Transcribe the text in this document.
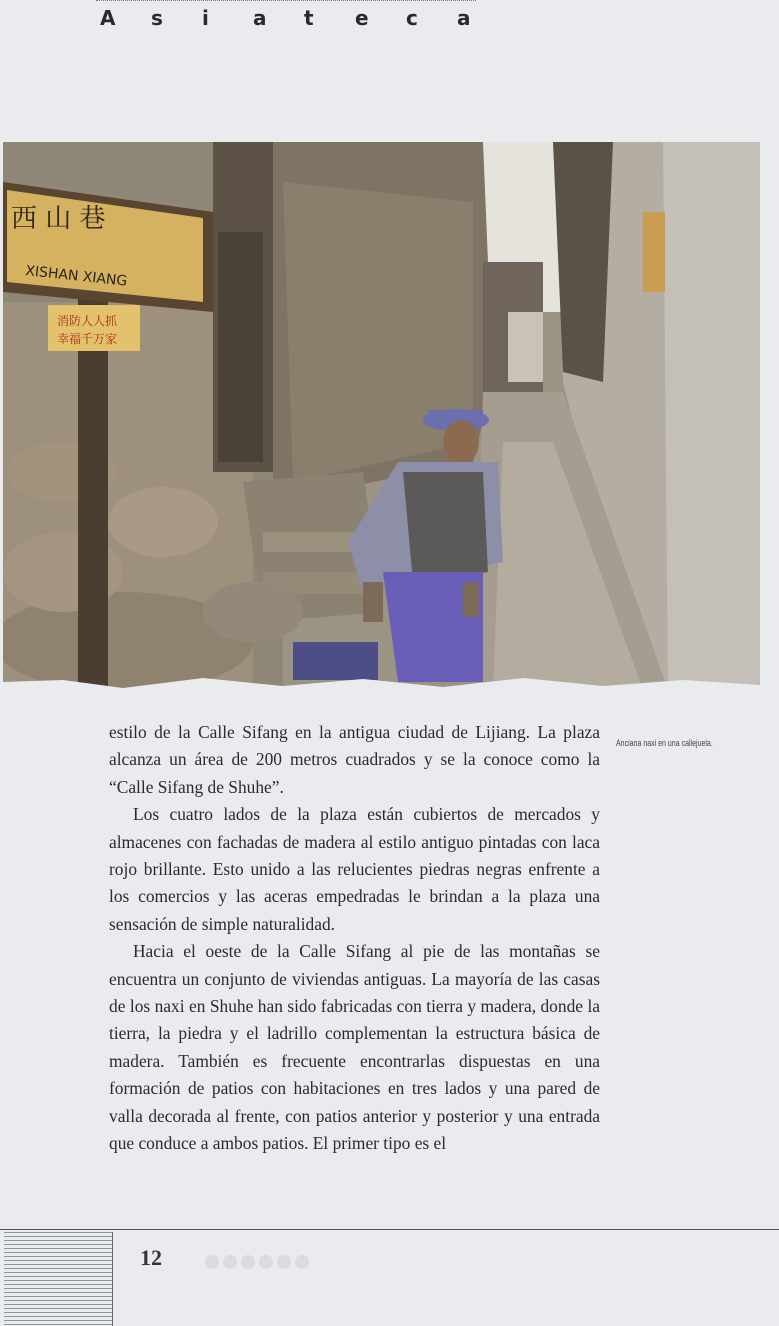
A	s	i	a	t	e	c	a
西 山 巷
XISHAN XIANG
消防人人抓
幸福千万家
Anciana naxi en una callejuela.

estilo de la Calle Sifang en la antigua ciudad de Lijiang. La plaza alcanza un área de 200 metros cuadrados y se la conoce como la “Calle Sifang de Shuhe”.

Los cuatro lados de la plaza están cubiertos de mercados y almacenes con fachadas de madera al estilo antiguo pintadas con laca rojo brillante. Esto unido a las relucientes piedras negras enfrente a los comercios y las aceras empedradas le brindan a la plaza una sensación de simple naturalidad.

Hacia el oeste de la Calle Sifang al pie de las montañas se encuentra un conjunto de viviendas antiguas. La mayoría de las casas de los naxi en Shuhe han sido fabricadas con tierra y madera, donde la tierra, la piedra y el ladrillo complementan la estructura básica de madera. También es frecuente encontrarlas dispuestas en una formación de patios con habitaciones en tres lados y una pared de valla decorada al frente, con patios anterior y posterior y una entrada que conduce a ambos patios. El primer tipo es el

12
